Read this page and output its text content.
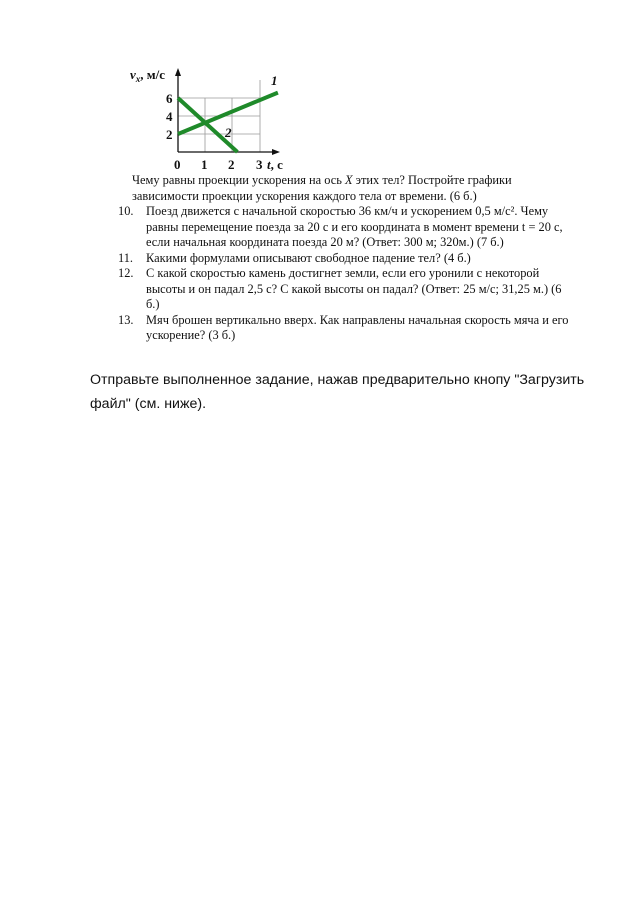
$v_x$, м/с
6
4
2
0 1 2 3 t, с
1
2
Чему равны проекции ускорения на ось X этих тел? Постройте графики
зависимости проекции ускорения каждого тела от времени. (6 б.)
10.	Поезд движется с начальной скоростью 36 км/ч и ускорением 0,5 м/с². Чему
равны перемещение поезда за 20 с и его координата в момент времени t = 20 с,
если начальная координата поезда 20 м? (Ответ: 300 м; 320м.) (7 б.)
11.	Какими формулами описывают свободное падение тел? (4 б.)
12.	С какой скоростью камень достигнет земли, если его уронили с некоторой
высоты и он падал 2,5 с? С какой высоты он падал? (Ответ: 25 м/с; 31,25 м.) (6
б.)
13.	Мяч брошен вертикально вверх. Как направлены начальная скорость мяча и его
ускорение? (3 б.)
Отправьте выполненное задание, нажав предварительно кнопу "Загрузить
файл" (см. ниже).
